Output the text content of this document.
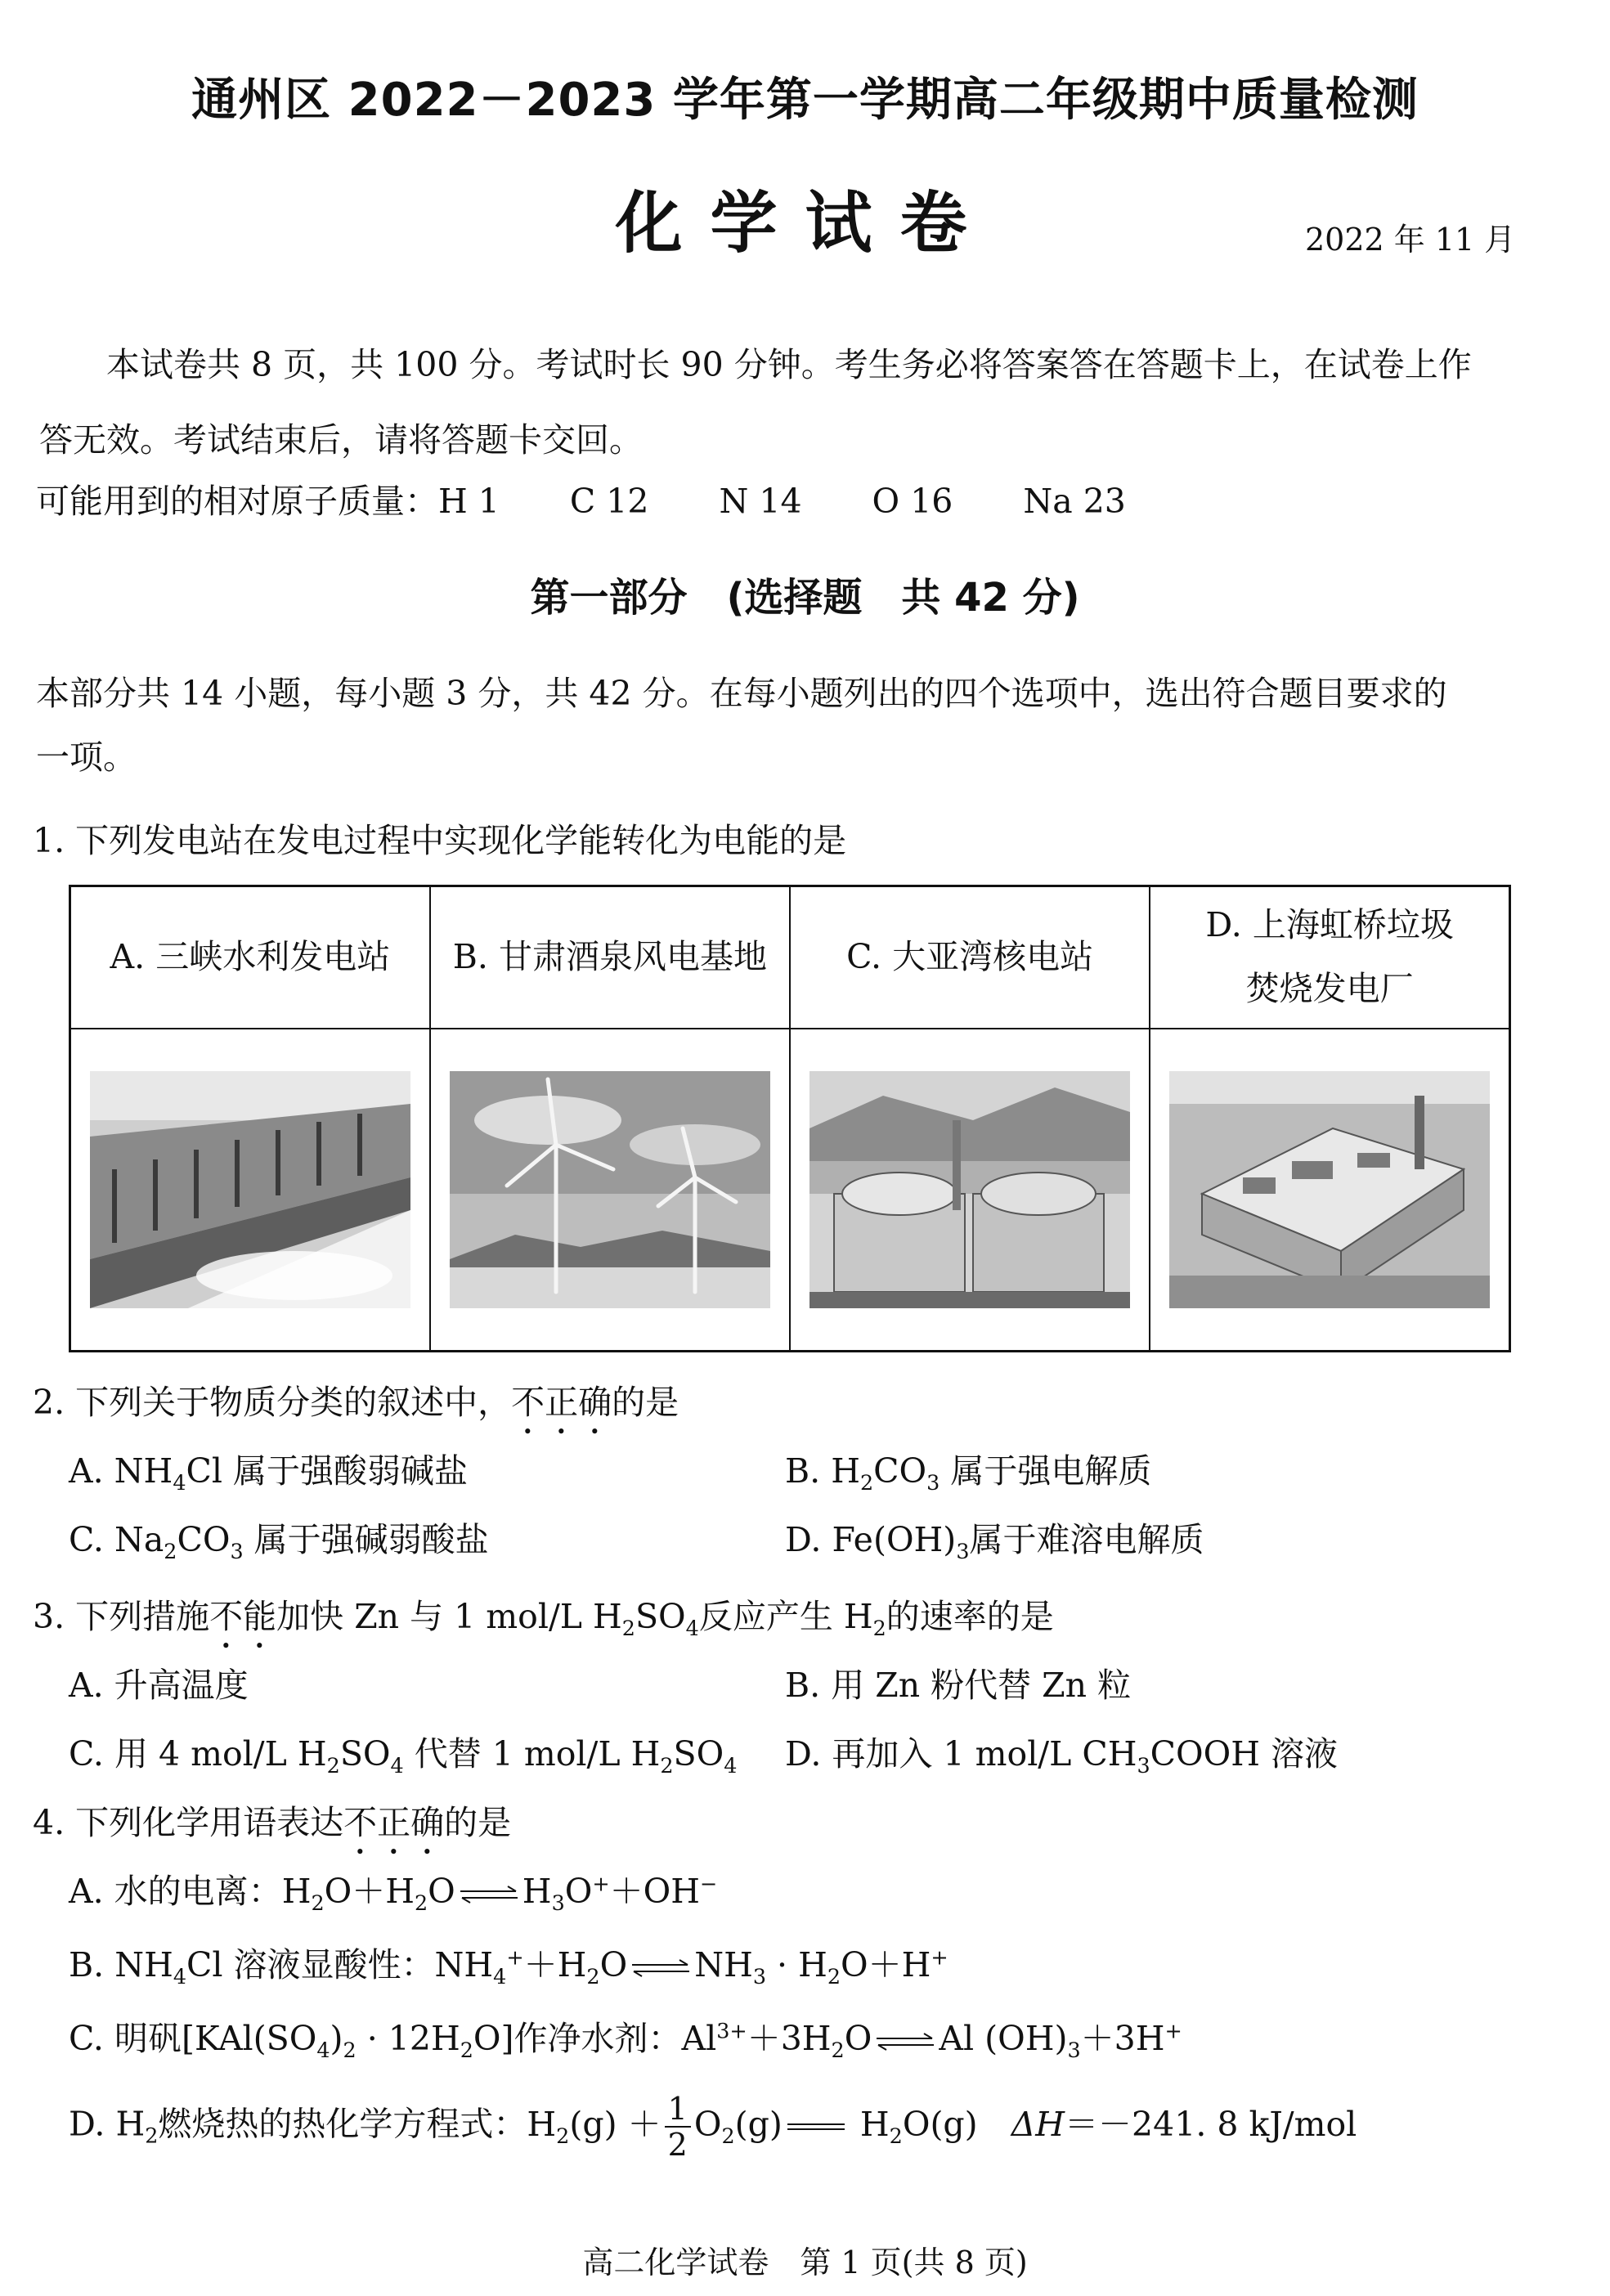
通州区 2022－2023 学年第一学期高二年级期中质量检测
化学试卷	2022 年 11 月
本试卷共 8 页，共 100 分。考试时长 90 分钟。考生务必将答案答在答题卡上，在试卷上作
答无效。考试结束后，请将答题卡交回。
可能用到的相对原子质量：H 1 C 12 N 14 O 16 Na 23
第一部分　(选择题　共 42 分)
本部分共 14 小题，每小题 3 分，共 42 分。在每小题列出的四个选项中，选出符合题目要求的
一项。
1. 下列发电站在发电过程中实现化学能转化为电能的是
A. 三峡水利发电站	B. 甘肃酒泉风电基地	C. 大亚湾核电站	D. 上海虹桥垃圾
焚烧发电厂

2. 下列关于物质分类的叙述中，不正确的是
A. $NH_4Cl$ 属于强酸弱碱盐	B. $H_2CO_3$ 属于强电解质
C. $Na_2CO_3$ 属于强碱弱酸盐	D. $Fe(OH)_3$属于难溶电解质
3. 下列措施不能加快 Zn 与 1 mol/L $H_2SO_4$反应产生 $H_2$的速率的是
A. 升高温度	B. 用 Zn 粉代替 Zn 粒
C. 用 4 mol/L $H_2SO_4$ 代替 1 mol/L $H_2SO_4$ D. 再加入 1 mol/L $CH_3COOH$ 溶液
4. 下列化学用语表达不正确的是
A. 水的电离：$H_2O+H_2O$ ⇌ $H_3O^++OH^-$
B. $NH_4Cl$ 溶液显酸性：$NH_4^++H_2O$ ⇌ $NH_3 \cdot H_2O+H^+$
C. 明矾$[KAl(SO_4)_2 \cdot 12H_2O]$作净水剂：$Al^{3+}+3H_2O$ ⇌ Al $(OH)_3+3H^+$
D. $H_2$燃烧热的热化学方程式：$H_2(g) + \frac{1}{2} O_2(g)$ $H_2O(g)$　ΔH＝－241. 8 kJ/mol
高二化学试卷　第 1 页(共 8 页)
